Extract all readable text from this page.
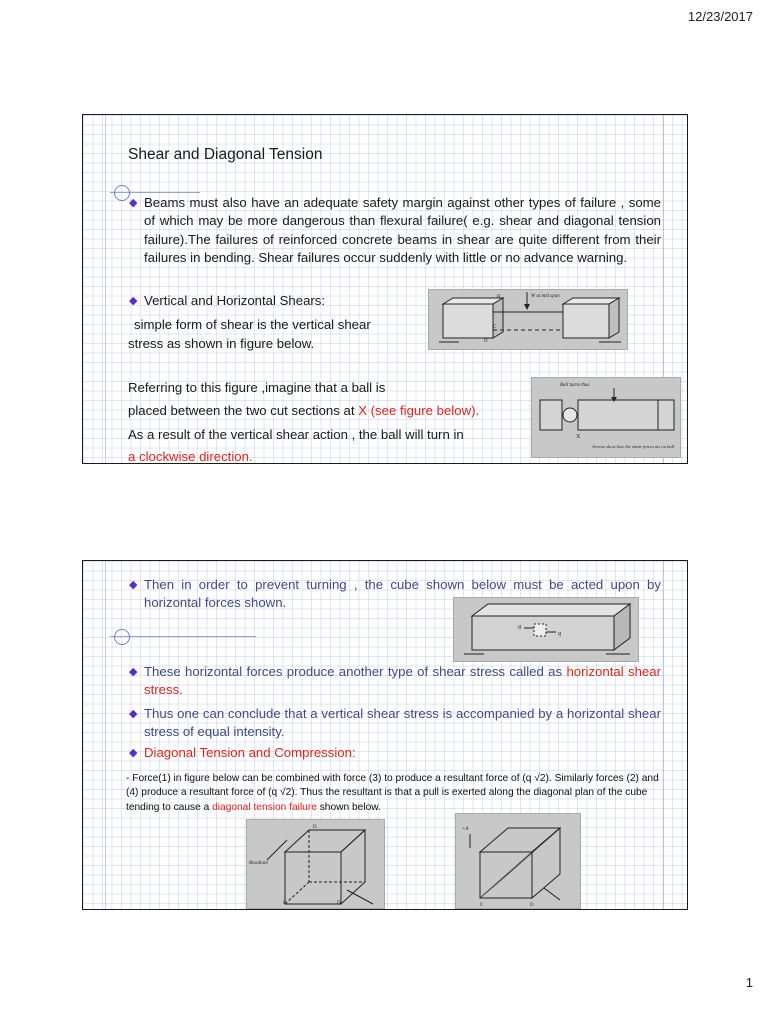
12/23/2017
Shear and Diagonal Tension
◆ Beams must also have an adequate safety margin against other types of failure , some of which may be more dangerous than flexural failure( e.g. shear and diagonal tension failure).The failures of reinforced concrete beams in shear are quite different from their failures in bending. Shear failures occur suddenly with little or no advance warning.
◆ Vertical and Horizontal Shears:
simple form of shear is the vertical shear
stress as shown in figure below.
Referring to this figure ,imagine that a ball is
placed between the two cut sections at X (see figure below).
As a result of the vertical shear action , the ball will turn in
a clockwise direction.
W at mid span
B
C
D
Ball turns thus
X
Arrows show how the shear forces act on ball
◆ Then in order to prevent turning , the cube shown below must be acted upon by horizontal forces shown.
q
q
◆ These horizontal forces produce another type of shear stress called as horizontal shear stress.
◆ Thus one can conclude that a vertical shear stress is accompanied by a horizontal shear stress of equal intensity.
◆ Diagonal Tension and Compression:
- Force(1) in figure below can be combined with force (3) to produce a resultant force of (q √2). Similarly forces (2) and (4) produce a resultant force of (q √2). Thus the resultant is that a pull is exerted along the diagonal plan of the cube tending to cause a diagonal tension failure shown below.
Resultant
C	D
D	+A
C	D
1
